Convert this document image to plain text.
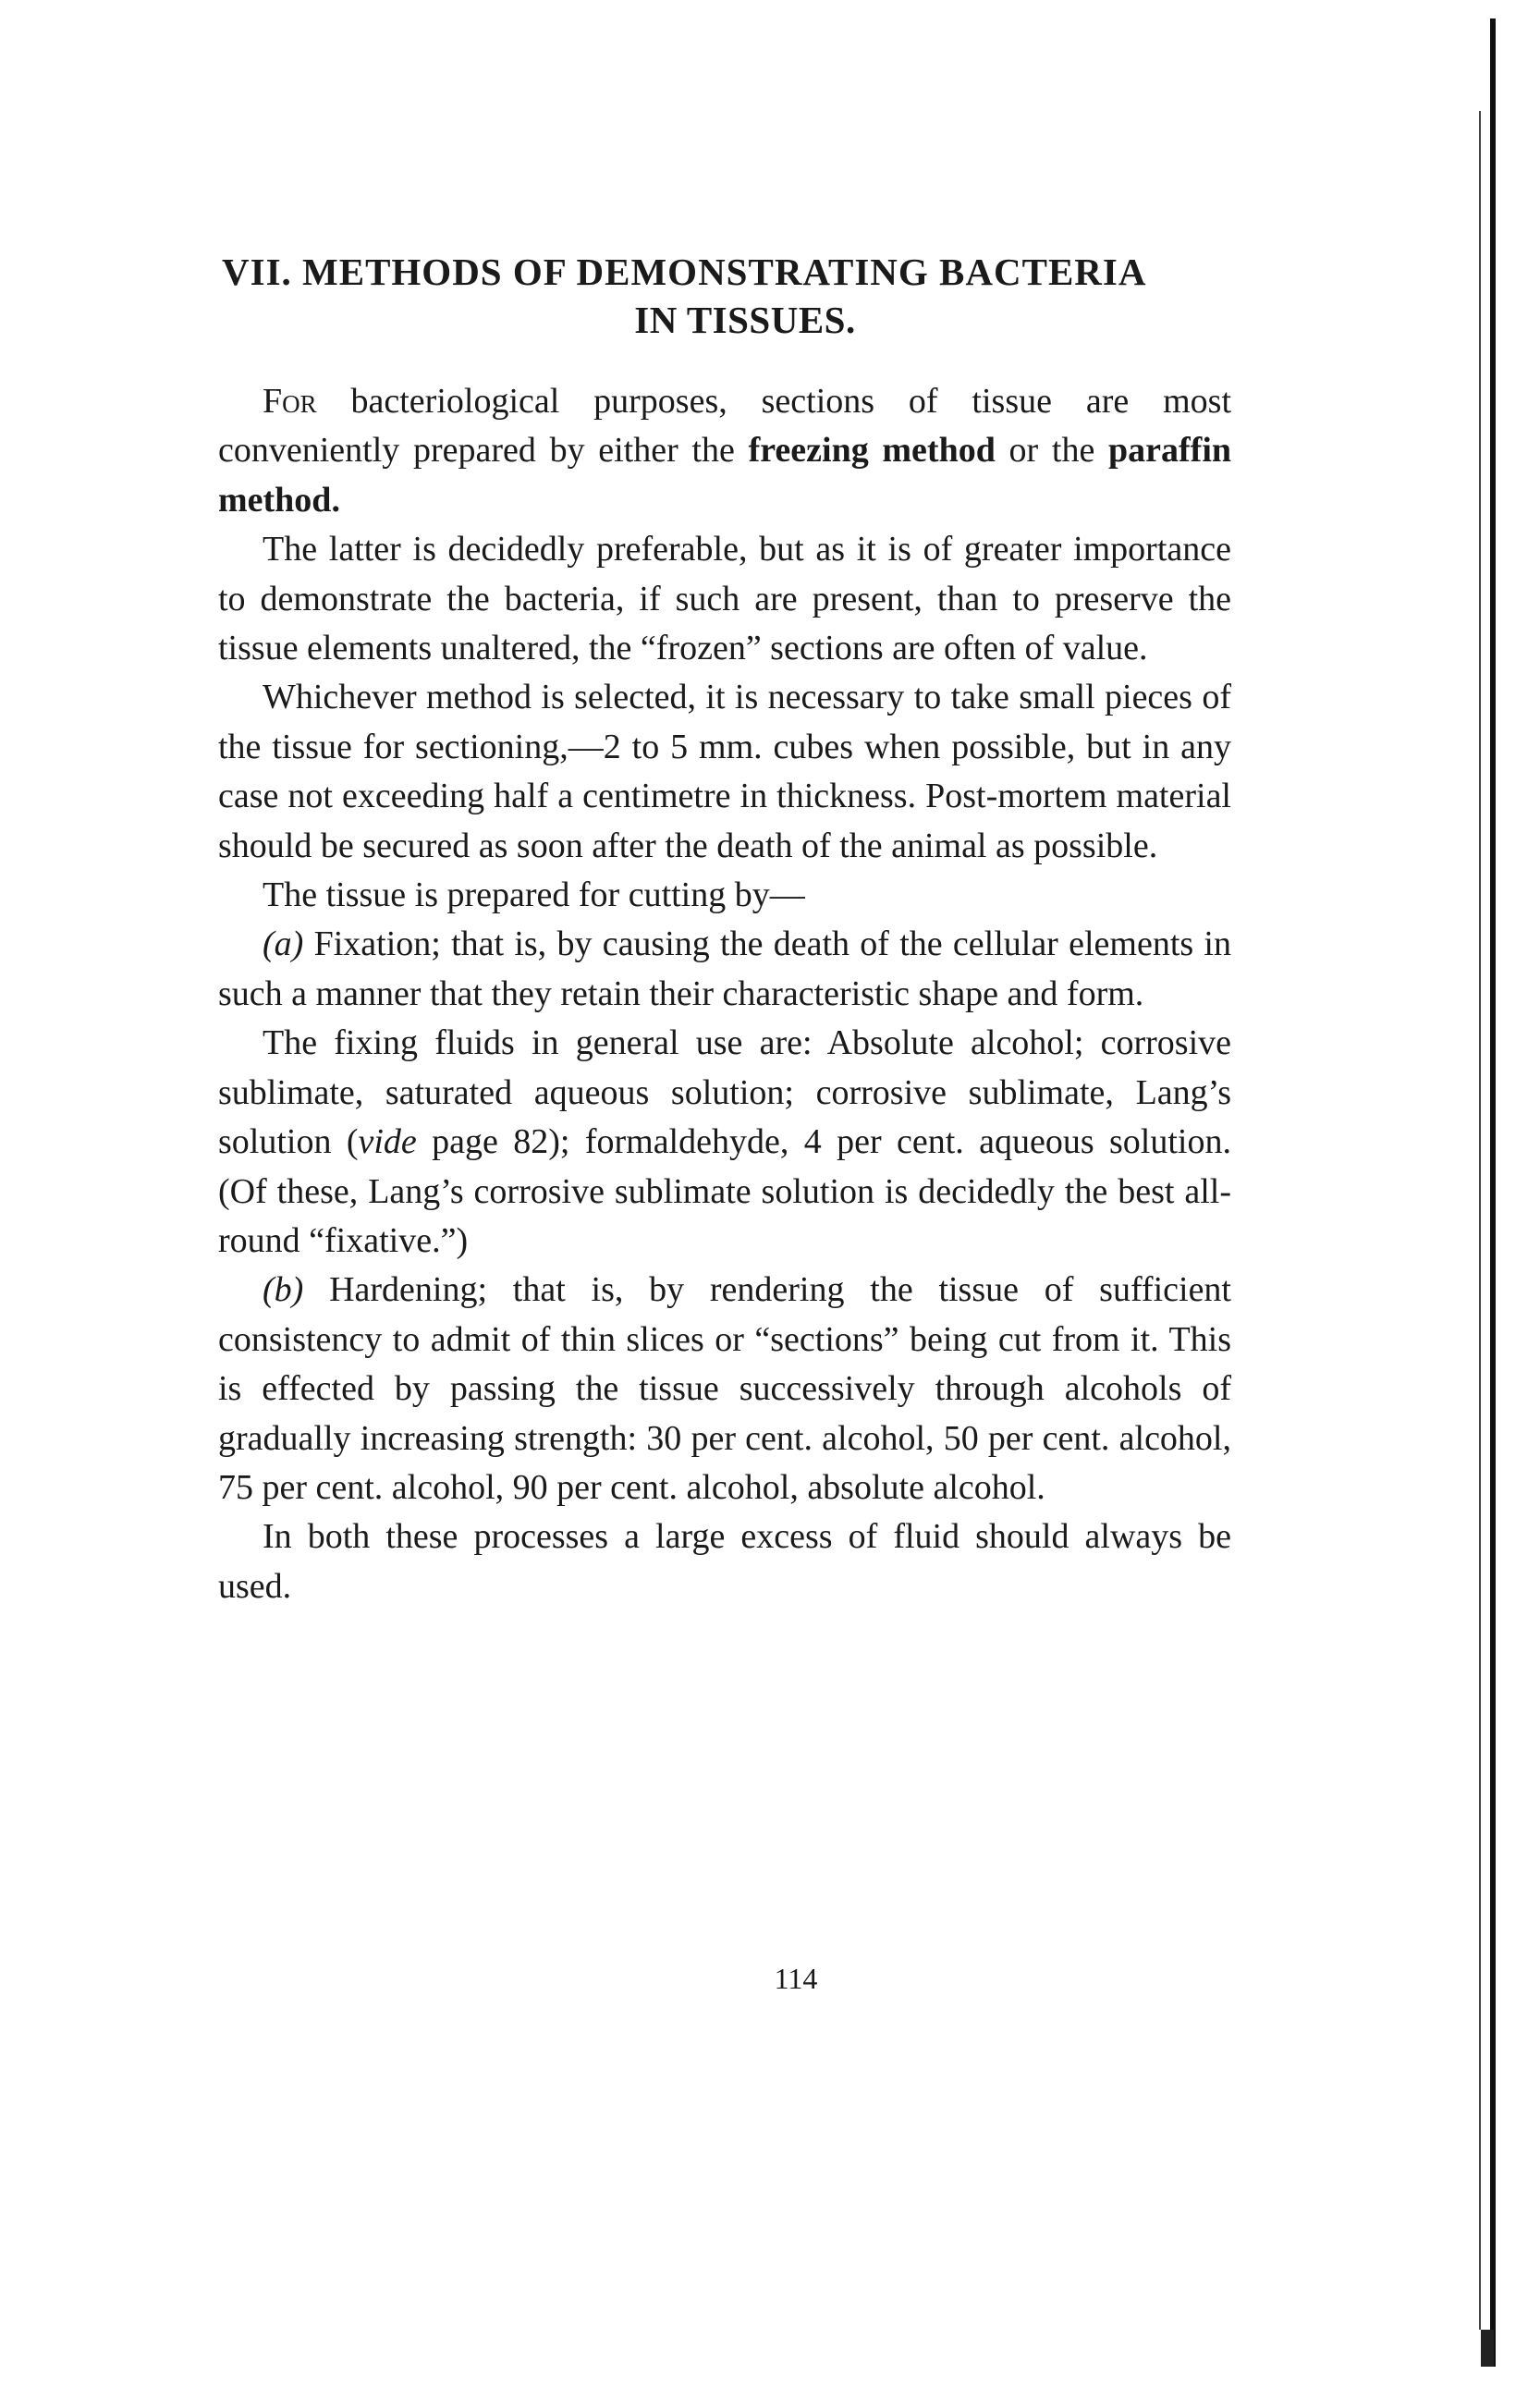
VII. METHODS OF DEMONSTRATING BACTERIA
IN TISSUES.

For bacteriological purposes, sections of tissue are most conveniently prepared by either the freezing method or the paraffin method.

The latter is decidedly preferable, but as it is of greater importance to demonstrate the bacteria, if such are present, than to preserve the tissue elements unaltered, the “frozen” sections are often of value.

Whichever method is selected, it is necessary to take small pieces of the tissue for sectioning,—2 to 5 mm. cubes when possible, but in any case not exceeding half a centimetre in thickness. Post-mortem material should be secured as soon after the death of the animal as possible.

The tissue is prepared for cutting by—

(a) Fixation; that is, by causing the death of the cellular elements in such a manner that they retain their characteristic shape and form.

The fixing fluids in general use are: Absolute alcohol; corrosive sublimate, saturated aqueous solution; corrosive sublimate, Lang’s solution (vide page 82); formaldehyde, 4 per cent. aqueous solution. (Of these, Lang’s corrosive sublimate solution is decidedly the best all-round “fixative.”)

(b) Hardening; that is, by rendering the tissue of sufficient consistency to admit of thin slices or “sections” being cut from it. This is effected by passing the tissue successively through alcohols of gradually increasing strength: 30 per cent. alcohol, 50 per cent. alcohol, 75 per cent. alcohol, 90 per cent. alcohol, absolute alcohol.

In both these processes a large excess of fluid should always be used.

114
